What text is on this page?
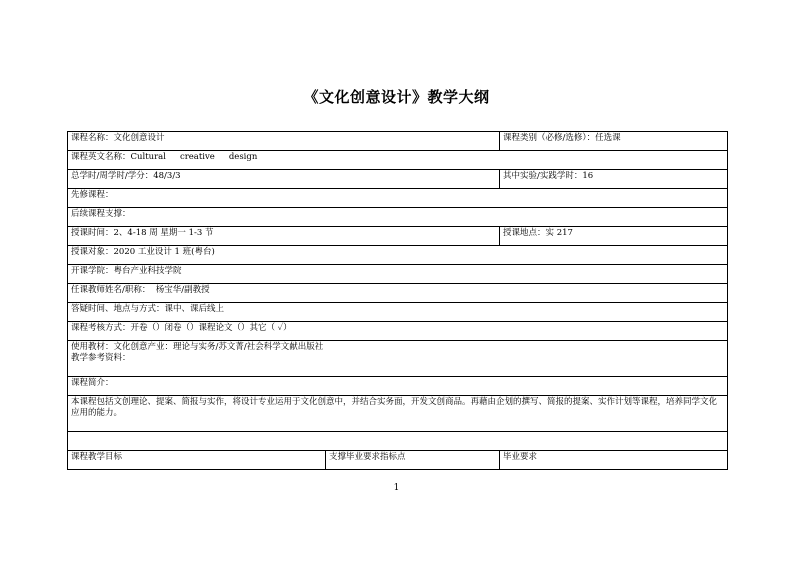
《文化创意设计》教学大纲
课程名称：文化创意设计		课程类别（必修/选修）：任选课
课程英文名称：Cultural creative design		
总学时/周学时/学分：48/3/3		其中实验/实践学时：16
先修课程：		
后续课程支撑：		
授课时间：2、4-18 周 星期一 1-3 节		授课地点：实 217
授课对象：2020 工业设计 1 班(粤台)		
开课学院：粤台产业科技学院		
任课教师姓名/职称：  杨宝华/副教授		
答疑时间、地点与方式：课中、课后线上		
课程考核方式：开卷（）闭卷（）课程论文（）其它（ ✓）		

使用教材：文化创意产业：理论与实务/苏文菁/社会科学文献出版社
教学参考资料：		

课程简介：		
本课程包括文创理论、提案、简报与实作，将设计专业运用于文化创意中，并结合实务面，开发文创商品。再藉由企划的撰写、简报的提案、实作计划等课程，培养同学文化应用的能力。		

课程教学目标	支撑毕业要求指标点	毕业要求
1
